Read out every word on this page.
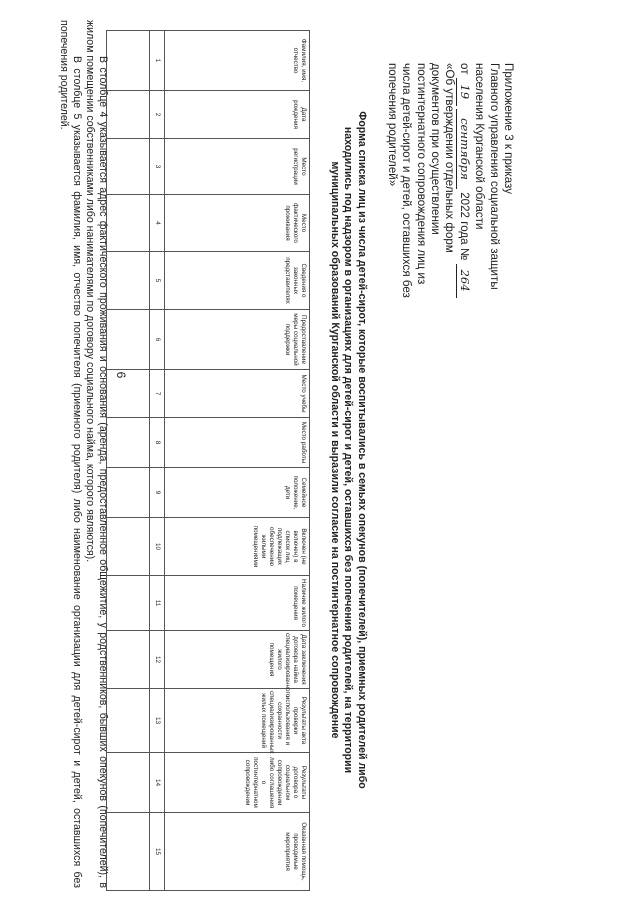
6
Приложение 3 к приказу
Главного управления социальной защиты
населения Курганской области
от 19 сентября 2022 года № 264
«Об утверждении отдельных форм
документов при осуществлении
постинтернатного сопровождения лиц из
числа детей-сирот и детей, оставшихся без
попечения родителей»
Форма списка лиц из числа детей-сирот, которые воспитывались в семьях опекунов (попечителей), приемных родителей либо
находились под надзором в организациях для детей-сирот и детей, оставшихся без попечения родителей, на территории
муниципальных образований Курганской области и выразили согласие на постинтернатное сопровождение
Фамилия, имя, отчество	Дата рождения	Место регистрации	Место фактического проживания	Сведения о законных представителях	Предоставление меры социальной поддержки	Место учебы	Место работы	Семейное положение, дети	Включен (не включен) в список лиц подлежащих обеспечению жилыми помещениями	Наличие жилого помещения	Дата заключения договора найма специализированного жилого помещения	Результаты акта проверки использования и сохранности специализированных жилых помещений	Результаты договора о социальном сопровождении либо соглашения о постинтернатном сопровождении	Оказанная помощь, проводимые мероприятия
1	2	3	4	5	6	7	8	9	10	11	12	13	14	15

В столбце 4 указывается адрес фактического проживания и основания (аренда, предоставленное общежитие, у родственников, бывших опекунов (попечителей), в жилом помещении собственниками либо нанимателями по договору социального найма, которого являются).

В столбце 5 указывается фамилия, имя, отчество попечителя (приемного родителя) либо наименование организации для детей-сирот и детей, оставшихся без попечения родителей.
